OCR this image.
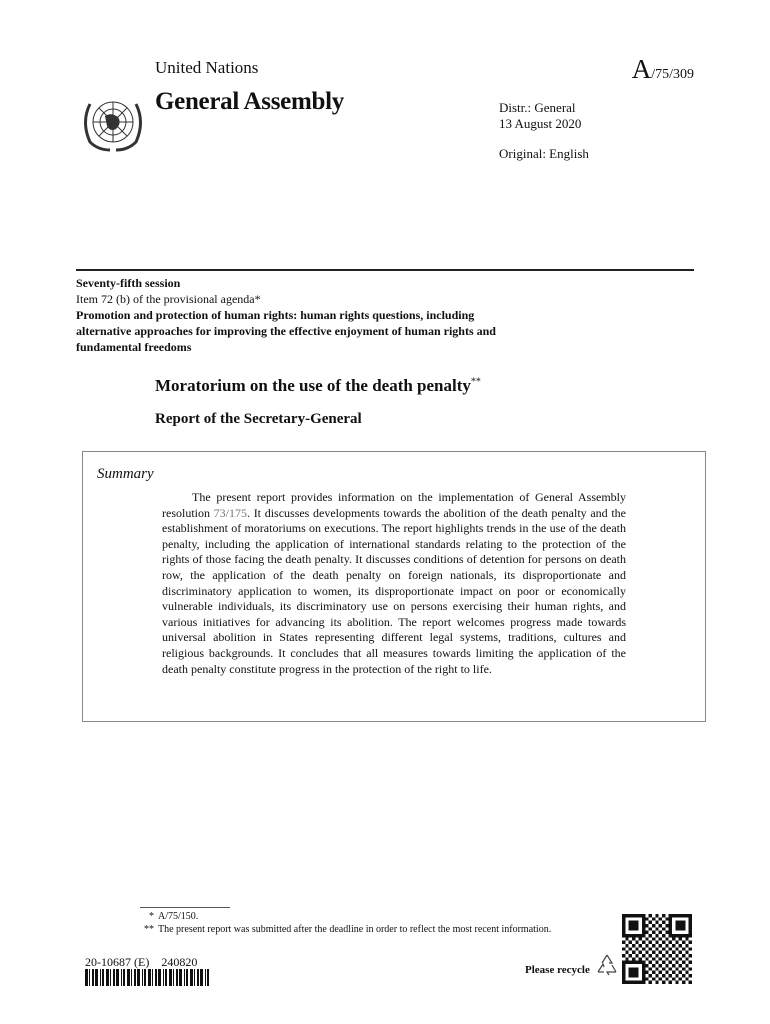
United Nations	A/75/309
General Assembly	Distr.: General
13 August 2020
Original: English
Seventy-fifth session
Item 72 (b) of the provisional agenda*
Promotion and protection of human rights: human rights questions, including alternative approaches for improving the effective enjoyment of human rights and fundamental freedoms
Moratorium on the use of the death penalty**
Report of the Secretary-General
Summary
The present report provides information on the implementation of General Assembly resolution 73/175. It discusses developments towards the abolition of the death penalty and the establishment of moratoriums on executions. The report highlights trends in the use of the death penalty, including the application of international standards relating to the protection of the rights of those facing the death penalty. It discusses conditions of detention for persons on death row, the application of the death penalty on foreign nationals, its disproportionate and discriminatory application to women, its disproportionate impact on poor or economically vulnerable individuals, its discriminatory use on persons exercising their human rights, and various initiatives for advancing its abolition. The report welcomes progress made towards universal abolition in States representing different legal systems, traditions, cultures and religious backgrounds. It concludes that all measures towards limiting the application of the death penalty constitute progress in the protection of the right to life.
* A/75/150.
** The present report was submitted after the deadline in order to reflect the most recent information.
20-10687 (E)    240820
Please recycle
